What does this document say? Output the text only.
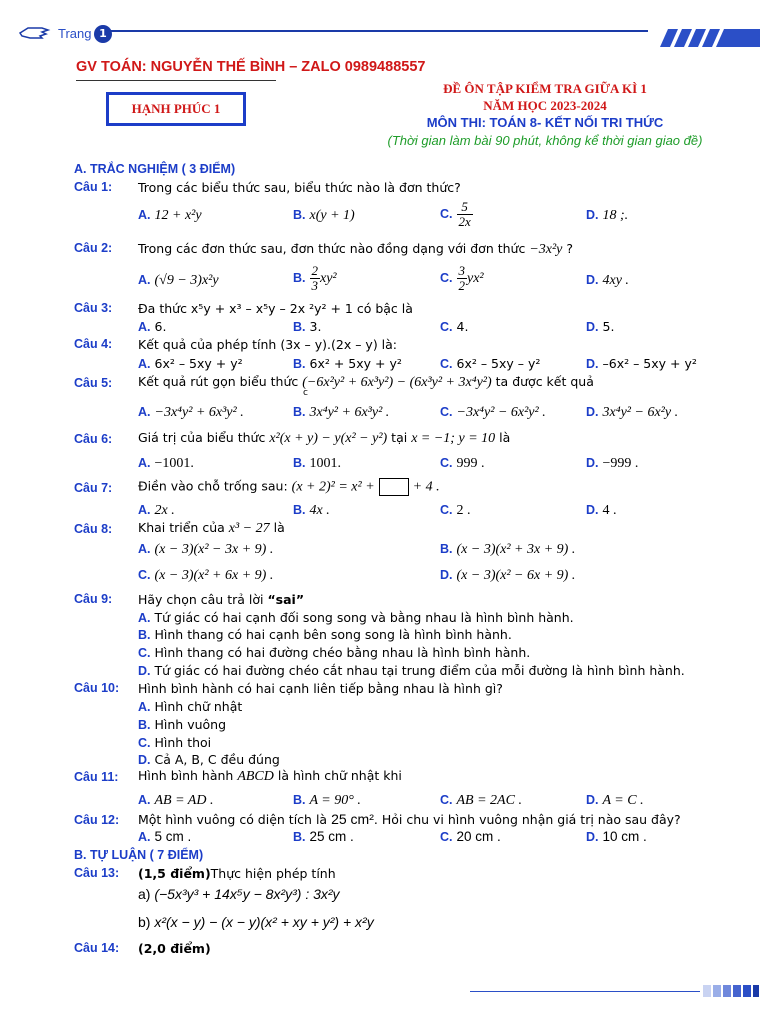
Trang 1
GV TOÁN: NGUYỄN THẾ BÌNH – ZALO 0989488557
HẠNH PHÚC 1
ĐỀ ÔN TẬP KIỂM TRA GIỮA KÌ 1
NĂM HỌC 2023-2024
MÔN THI: TOÁN 8- KẾT NỐI TRI THỨC
(Thời gian làm bài 90 phút, không kể thời gian giao đề)
A. TRẮC NGHIỆM ( 3 ĐIỂM)
Câu 1: Trong các biểu thức sau, biểu thức nào là đơn thức?
A. 12 + x²y	B. x(y + 1)	C. $\frac{5}{2x}$	D. 18 ;.
Câu 2: Trong các đơn thức sau, đơn thức nào đồng dạng với đơn thức −3x²y ?
A. (√9 − 3)x²y	B. $\frac{2}{3} xy^2$	C. $\frac{3}{2} yx^2$	D. 4xy .
Câu 3: Đa thức x⁵y + x³ – x⁵y – 2x ²y² + 1 có bậc là
A. 6.	B. 3.	C. 4.	D. 5.
Câu 4: Kết quả của phép tính (3x – y).(2x – y) là:
A. 6x² – 5xy + y²	B. 6x² + 5xy + y²	C. 6x² – 5xy – y²	D. –6x² – 5xy + y²
Câu 5: Kết quả rút gọn biểu thức (−6x²y² + 6x³y²) − (6x³y² + 3x⁴y²) ta được kết quả
c
A. −3x⁴y² + 6x³y² .	B. 3x⁴y² + 6x³y² .	C. −3x⁴y² − 6x²y² .	D. 3x⁴y² − 6x²y .
Câu 6: Giá trị của biểu thức x²(x + y) − y(x² − y²) tại x = −1; y = 10 là
A. −1001.	B. 1001.	C. 999 .	D. −999 .
Câu 7: Điền vào chỗ trống sau: (x + 2)² = x² +	+ 4 .
A. 2x .	B. 4x .	C. 2 .	D. 4 .
Câu 8: Khai triển của x³ − 27 là
A. (x − 3)(x² − 3x + 9) .	B. (x − 3)(x² + 3x + 9) .
C. (x − 3)(x² + 6x + 9) .	D. (x − 3)(x² − 6x + 9) .
Câu 9: Hãy chọn câu trả lời “sai”
A. Tứ giác có hai cạnh đối song song và bằng nhau là hình bình hành.
B. Hình thang có hai cạnh bên song song là hình bình hành.
C. Hình thang có hai đường chéo bằng nhau là hình bình hành.
D. Tứ giác có hai đường chéo cắt nhau tại trung điểm của mỗi đường là hình bình hành.
Câu 10: Hình bình hành có hai cạnh liên tiếp bằng nhau là hình gì?
A. Hình chữ nhật
B. Hình vuông
C. Hình thoi
D. Cả A, B, C đều đúng
Câu 11: Hình bình hành ABCD là hình chữ nhật khi
A. AB = AD .	B. A = 90° .	C. AB = 2AC .	D. A = C .
Câu 12: Một hình vuông có diện tích là 25 cm². Hỏi chu vi hình vuông nhận giá trị nào sau đây?
A. 5 cm .	B. 25 cm .	C. 20 cm .	D. 10 cm .
B. TỰ LUẬN ( 7 ĐIỂM)
Câu 13: (1,5 điểm)Thực hiện phép tính
a) (−5x³y³ + 14x⁵y − 8x²y³) : 3x²y
b) x²(x − y) − (x − y)(x² + xy + y²) + x²y
Câu 14: (2,0 điểm)
